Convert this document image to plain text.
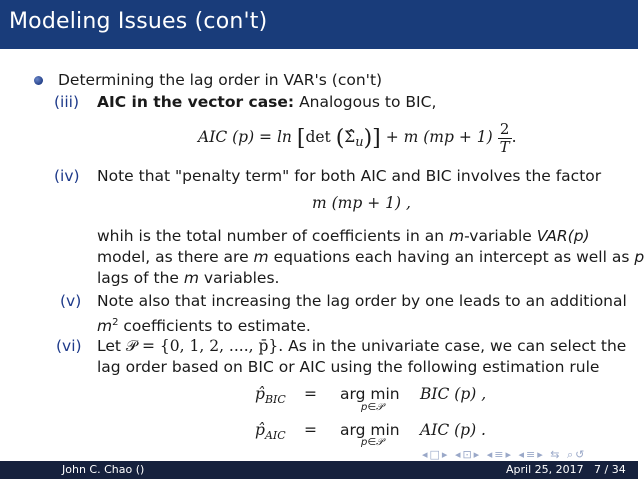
Modeling Issues (con't)
Determining the lag order in VAR's (con't)
(iii) AIC in the vector case: Analogous to BIC,
AIC (p) = ln [det $(\Sigmâ_u)] + m$ $(mp + 1) \frac{2}{T}$ .
(iv) Note that "penalty term" for both AIC and BIC involves the factor
m (mp + 1) ,
whih is the total number of coefficients in an m-variable VAR(p)
model, as there are m equations each having an intercept as well as p
lags of the m variables.
(v) Note also that increasing the lag order by one leads to an additional
$m^2$ coefficients to estimate.
(vi) Let 𝒫 = {0, 1, 2, ...., p̄}. As in the univariate case, we can select the
lag order based on BIC or AIC using the following estimation rule
$p̂_{BIC}$ = arg min
p∈𝒫
BIC (p) ,
$p̂_{AIC}$ = arg min
p∈𝒫
AIC (p) .
◂□▸ ◂⊡▸ ◂≡▸ ◂≡▸ ⇆ ⌕↺
John C. Chao ()	April 25, 2017 7 / 34
